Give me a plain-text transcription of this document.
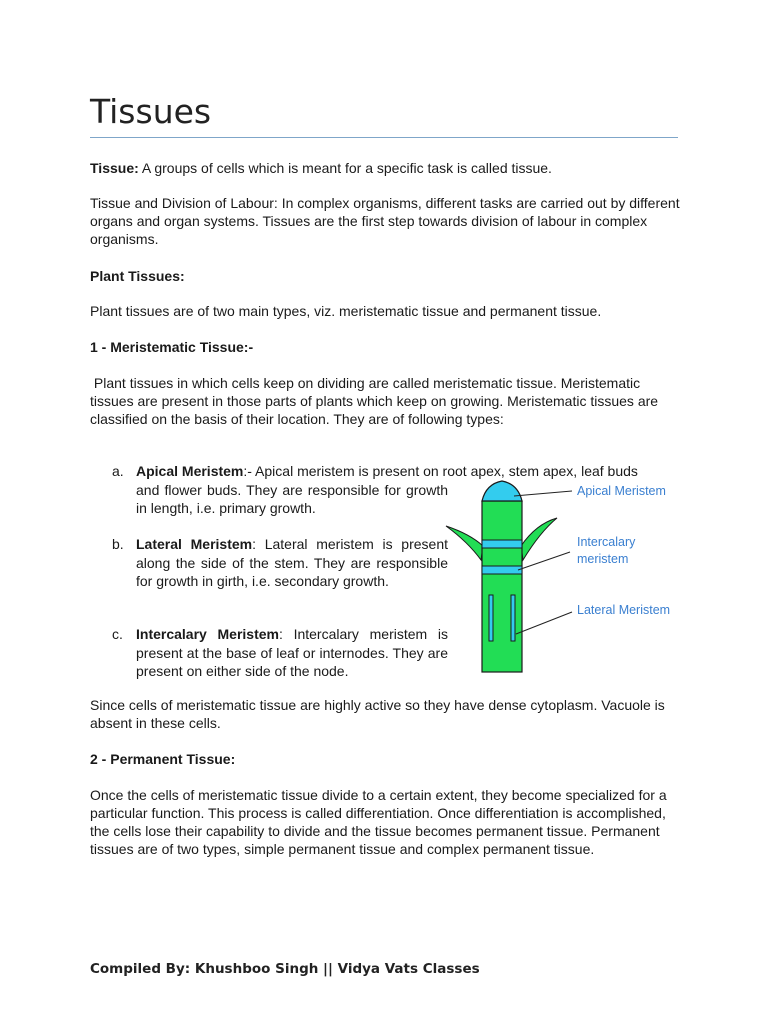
Tissues

Tissue: A groups of cells which is meant for a specific task is called tissue.

Tissue and Division of Labour: In complex organisms, different tasks are carried out by different organs and organ systems. Tissues are the first step towards division of labour in complex organisms.

Plant Tissues:

Plant tissues are of two main types, viz. meristematic tissue and permanent tissue.

1 - Meristematic Tissue:-

Plant tissues in which cells keep on dividing are called meristematic tissue. Meristematic tissues are present in those parts of plants which keep on growing. Meristematic tissues are classified on the basis of their location. They are of following types:

a. Apical Meristem:- Apical meristem is present on root apex, stem apex, leaf buds
and flower buds. They are responsible for growth in length, i.e. primary growth.
b. Lateral Meristem: Lateral meristem is present along the side of the stem. They are responsible for growth in girth, i.e. secondary growth.
c. Intercalary Meristem: Intercalary meristem is present at the base of leaf or internodes. They are present on either side of the node.
Apical Meristem
Intercalary
meristem
Lateral Meristem

Since cells of meristematic tissue are highly active so they have dense cytoplasm. Vacuole is absent in these cells.

2 - Permanent Tissue:

Once the cells of meristematic tissue divide to a certain extent, they become specialized for a particular function. This process is called differentiation. Once differentiation is accomplished, the cells lose their capability to divide and the tissue becomes permanent tissue. Permanent tissues are of two types, simple permanent tissue and complex permanent tissue.

Compiled By: Khushboo Singh || Vidya Vats Classes
